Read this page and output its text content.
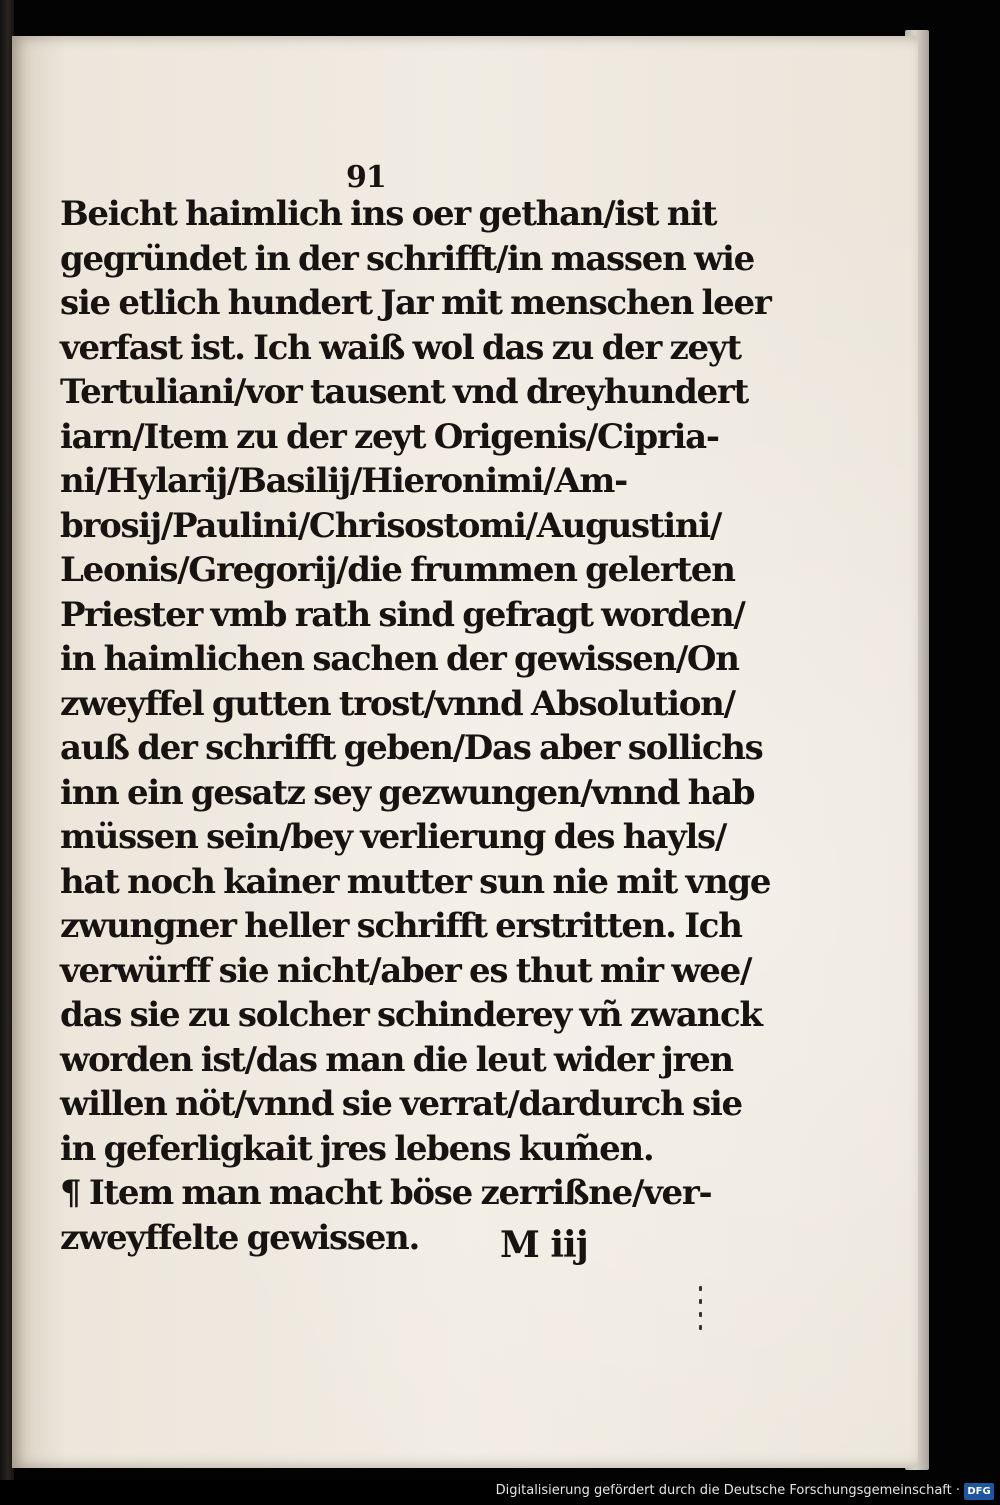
91
Beicht haimlich ins oer gethan/ist nit
gegründet in der schrifft/in massen wie
sie etlich hundert Jar mit menschen leer
verfast ist. Ich waiß wol das zu der zeyt
Tertuliani/vor tausent vnd dreyhundert
iarn/Item zu der zeyt Origenis/Cipria-
ni/Hylarij/Basilij/Hieronimi/Am-
brosij/Paulini/Chrisostomi/Augustini/
Leonis/Gregorij/die frummen gelerten
Priester vmb rath sind gefragt worden/
in haimlichen sachen der gewissen/On
zweyffel gutten trost/vnnd Absolution/
auß der schrifft geben/Das aber sollichs
inn ein gesatz sey gezwungen/vnnd hab
müssen sein/bey verlierung des hayls/
hat noch kainer mutter sun nie mit vnge
zwungner heller schrifft erstritten. Ich
verwürff sie nicht/aber es thut mir wee/
das sie zu solcher schinderey vñ zwanck
worden ist/das man die leut wider jren
willen nöt/vnnd sie verrat/dardurch sie
in geferligkait jres lebens kum̃en.
¶ Item man macht böse zerrißne/ver-
zweyffelte gewissen.	M iij
Digitalisierung gefördert durch die Deutsche Forschungsgemeinschaft · DFG
